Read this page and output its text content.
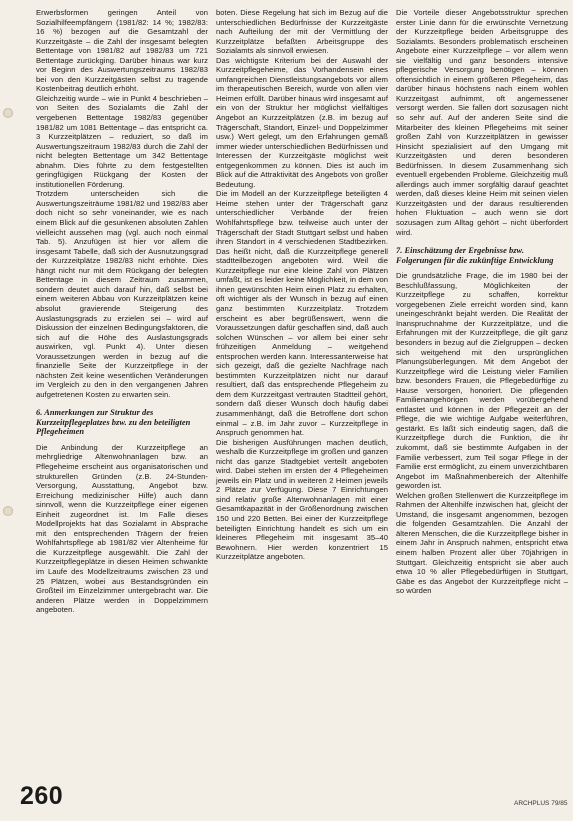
Erwerbsformen geringen Anteil von Sozialhilfeempfängern (1981/82: 14 %; 1982/83: 16 %) bezogen auf die Gesamtzahl der Kurzzeitgäste – die Zahl der insgesamt belegten Bettentage von 1981/82 auf 1982/83 um 721 Bettentage zurückging. Darüber hinaus war kurz vor Beginn des Auswertungszeitraums 1982/83 bei von den Kurzzeitgästen selbst zu tragende Kostenbeitrag deutlich erhöht.

Gleichzeitig wurde – wie in Punkt 4 beschrieben – von Seiten des Sozialamts die Zahl der vergebenen Bettentage 1982/83 gegenüber 1981/82 um 1081 Bettentage – das entspricht ca. 3 Kurzzeitplätzen – reduziert, so daß im Auswertungszeitraum 1982/83 durch die Zahl der nicht belegten Bettentage um 342 Bettentage abnahm. Dies führte zu dem festgestellten geringfügigen Rückgang der Kosten der institutionellen Förderung.

Trotzdem unterscheiden sich die Auswertungszeiträume 1981/82 und 1982/83 aber doch nicht so sehr voneinander, wie es nach einem Blick auf die gesunkenen absoluten Zahlen vielleicht aussehen mag (vgl. auch noch einmal Tab. 5). Anzufügen ist hier vor allem die insgesamt Tabelle, daß sich der Ausnutzungsgrad der Kurzzeitplätze 1982/83 nicht erhöhte. Dies hängt nicht nur mit dem Rückgang der belegten Bettentage in diesem Zeitraum zusammen, sondern deutet auch darauf hin, daß selbst bei einem weiteren Abbau von Kurzzeitplätzen keine absolut gravierende Steigerung des Auslastungsgrads zu erzielen sei – wird auf Diskussion der einzelnen Bedingungsfaktoren, die sich auf die Höhe des Auslastungsgrads auswirken, vgl. Punkt 4). Unter diesen Voraussetzungen werden in bezug auf die finanzielle Seite der Kurzzeitpflege in der nächsten Zeit keine wesentlichen Veränderungen im Vergleich zu den in den vergangenen Jahren aufgetretenen Kosten zu erwarten sein.

6. Anmerkungen zur Struktur des Kurzzeitpflegeplatzes bzw. zu den beteiligten Pflegeheimen

Die Anbindung der Kurzzeitpflege an mehrgliedrige Altenwohnanlagen bzw. an Pflegeheime erscheint aus organisatorischen und strukturellen Gründen (z.B. 24-Stunden-Versorgung, Ausstattung, Angebot bzw. Erreichung medizinischer Hilfe) auch dann sinnvoll, wenn die Kurzzeitpflege einer eigenen Einheit zugeordnet ist. Im Falle dieses Modellprojekts hat das Sozialamt in Absprache mit den entsprechenden Trägern der freien Wohlfahrtspflege ab 1981/82 vier Altenheime für die Kurzzeitpflege ausgewählt. Die Zahl der Kurzzeitpflegeplätze in diesen Heimen schwankte im Laufe des Modellzeitraums zwischen 23 und 25 Plätzen, wobei aus Bestandsgründen ein Großteil im Einzelzimmer untergebracht war. Die anderen Plätze werden in Doppelzimmern angeboten.

boten. Diese Regelung hat sich im Bezug auf die unterschiedlichen Bedürfnisse der Kurzzeitgäste nach Aufteilung der mit der Vermittlung der Kurzzeitplätze befaßten Arbeitsgruppe des Sozialamts als sinnvoll erwiesen.

Das wichtigste Kriterium bei der Auswahl der Kurzzeitpflegeheime, das Vorhandensein eines umfangreichen Dienstleistungsangebots vor allem im therapeutischen Bereich, wurde von allen vier Heimen erfüllt. Darüber hinaus wird insgesamt auf ein von der Struktur her möglichst vielfältiges Angebot an Kurzzeitplätzen (z.B. im bezug auf Trägerschaft, Standort, Einzel- und Doppelzimmer usw.) Wert gelegt, um den Erfahrungen gemäß immer wieder unterschiedlichen Bedürfnissen und Interessen der Kurzzeitgäste möglichst weit entgegenkommen zu können. Dies ist auch im Blick auf die Attraktivität des Angebots von großer Bedeutung.

Die im Modell an der Kurzzeitpflege beteiligten 4 Heime stehen unter der Trägerschaft ganz unterschiedlicher Verbände der freien Wohlfahrtspflege bzw. teilweise auch unter der Trägerschaft der Stadt Stuttgart selbst und haben ihren Standort in 4 verschiedenen Stadtbezirken. Das heißt nicht, daß die Kurzzeitpflege generell stadtteilbezogen angeboten wird. Weil die Kurzzeitpflege nur eine kleine Zahl von Plätzen umfaßt, ist es leider keine Möglichkeit, in dem von ihnen gewünschten Heim einen Platz zu erhalten, oft wichtiger als der Wunsch in bezug auf einen ganz bestimmten Kurzzeitplatz. Trotzdem erscheint es aber begrüßenswert, wenn die Voraussetzungen dafür geschaffen sind, daß auch solchen Wünschen – vor allem bei einer sehr frühzeitigen Anmeldung – weitgehend entsprochen werden kann. Interessanterweise hat sich gezeigt, daß die gezielte Nachfrage nach bestimmten Kurzzeitplätzen nicht nur darauf resultiert, daß das entsprechende Pflegeheim zu dem dem Kurzzeitgast vertrauten Stadtteil gehört, sondern daß dieser Wunsch doch häufig dabei zusammenhängt, daß die Betroffene dort schon einmal – z.B. im Jahr zuvor – Kurzzeitpflege in Anspruch genommen hat.

Die bisherigen Ausführungen machen deutlich, weshalb die Kurzzeitpflege im großen und ganzen nicht das ganze Stadtgebiet verteilt angeboten wird. Dabei stehen im ersten der 4 Pflegeheimen jeweils ein Platz und in weiteren 2 Heimen jeweils 2 Plätze zur Verfügung. Diese 7 Einrichtungen sind relativ große Altenwohnanlagen mit einer Gesamtkapazität in der Größenordnung zwischen 150 und 220 Betten. Bei einer der Kurzzeitpflege beteiligten Einrichtung handelt es sich um ein kleineres Pflegeheim mit insgesamt 35–40 Bewohnern. Hier werden konzentriert 15 Kurzzeitplätze angeboten.

Die Vorteile dieser Angebotsstruktur sprechen erster Linie dann für die erwünschte Vernetzung der Kurzzeitpflege beiden Arbeitsgruppe des Sozialamts. Besonders problematisch erscheinen Angebote einer Kurzzeitpflege – vor allem wenn sie vielfältig und ganz besonders intensive pflegerische Versorgung benötigen – können oftensichtlich in einem größeren Pflegeheim, das darüber hinaus höchstens nach einem wohlen Kurzzeitgast aufnimmt, oft angemessener versorgt werden. Sie fallen dort sozusagen nicht so sehr auf. Auf der anderen Seite sind die Mitarbeiter des kleinen Pflegeheims mit seiner großen Zahl von Kurzzeitplätzen in gewisser Hinsicht spezialisiert auf den Umgang mit Kurzzeitgästen und deren besonderen Bedürfnissen. In diesem Zusammenhang sich eventuell ergebenden Probleme. Gleichzeitig muß allerdings auch immer sorgfältig darauf geachtet werden, daß dieses kleine Heim mit seinen vielen Kurzzeitgästen und der daraus resultierenden hohen Fluktuation – auch wenn sie dort sozusagen zum Alltag gehört – nicht überfordert wird.

7. Einschätzung der Ergebnisse bzw. Folgerungen für die zukünftige Entwicklung

Die grundsätzliche Frage, die im 1980 bei der Beschlußfassung, Möglichkeiten der Kurzzeitpflege zu schaffen, korrektur vorgegebenen Ziele erreicht worden sind, kann uneingeschränkt bejaht werden. Die Realität der Inanspruchnahme der Kurzzeitplätze, und die Erfahrungen mit der Kurzzeitpflege, die gilt ganz besonders in bezug auf die Zielgruppen – decken sich weitgehend mit den ursprünglichen Planungsüberlegungen. Mit dem Angebot der Kurzzeitpflege wird die Leistung vieler Familien bzw. besonders Frauen, die Pflegebedürftige zu Hause versorgen, honoriert. Die pflegenden Familienangehörigen werden vorübergehend entlastet und können in der Pflegezeit an der Pflege, die wie wichtige Aufgabe weiterführen, gestärkt. Es läßt sich eindeutig sagen, daß die Kurzzeitpflege durch die Funktion, die ihr zukommt, daß sie bestimmte Aufgaben in der Familie verbessert, zum Teil sogar Pflege in der Familie erst ermöglicht, zu einem unverzichtbaren Angebot im Maßnahmenbereich der Altenhilfe geworden ist.

Welchen großen Stellenwert die Kurzzeitpflege im Rahmen der Altenhilfe inzwischen hat, gleicht der Umstand, die insgesamt angenommen, bezogen die folgenden Gesamtzahlen. Die Anzahl der älteren Menschen, die die Kurzzeitpflege bisher in einem Jahr in Anspruch nahmen, entspricht etwa einem halben Prozent aller über 70jährigen in Stuttgart. Gleichzeitig entspricht sie aber auch etwa 10 % aller Pflegebedürftigen in Stuttgart, Gäbe es das Angebot der Kurzzeitpflege nicht – so würden

260	ARCHPLUS 79/85
